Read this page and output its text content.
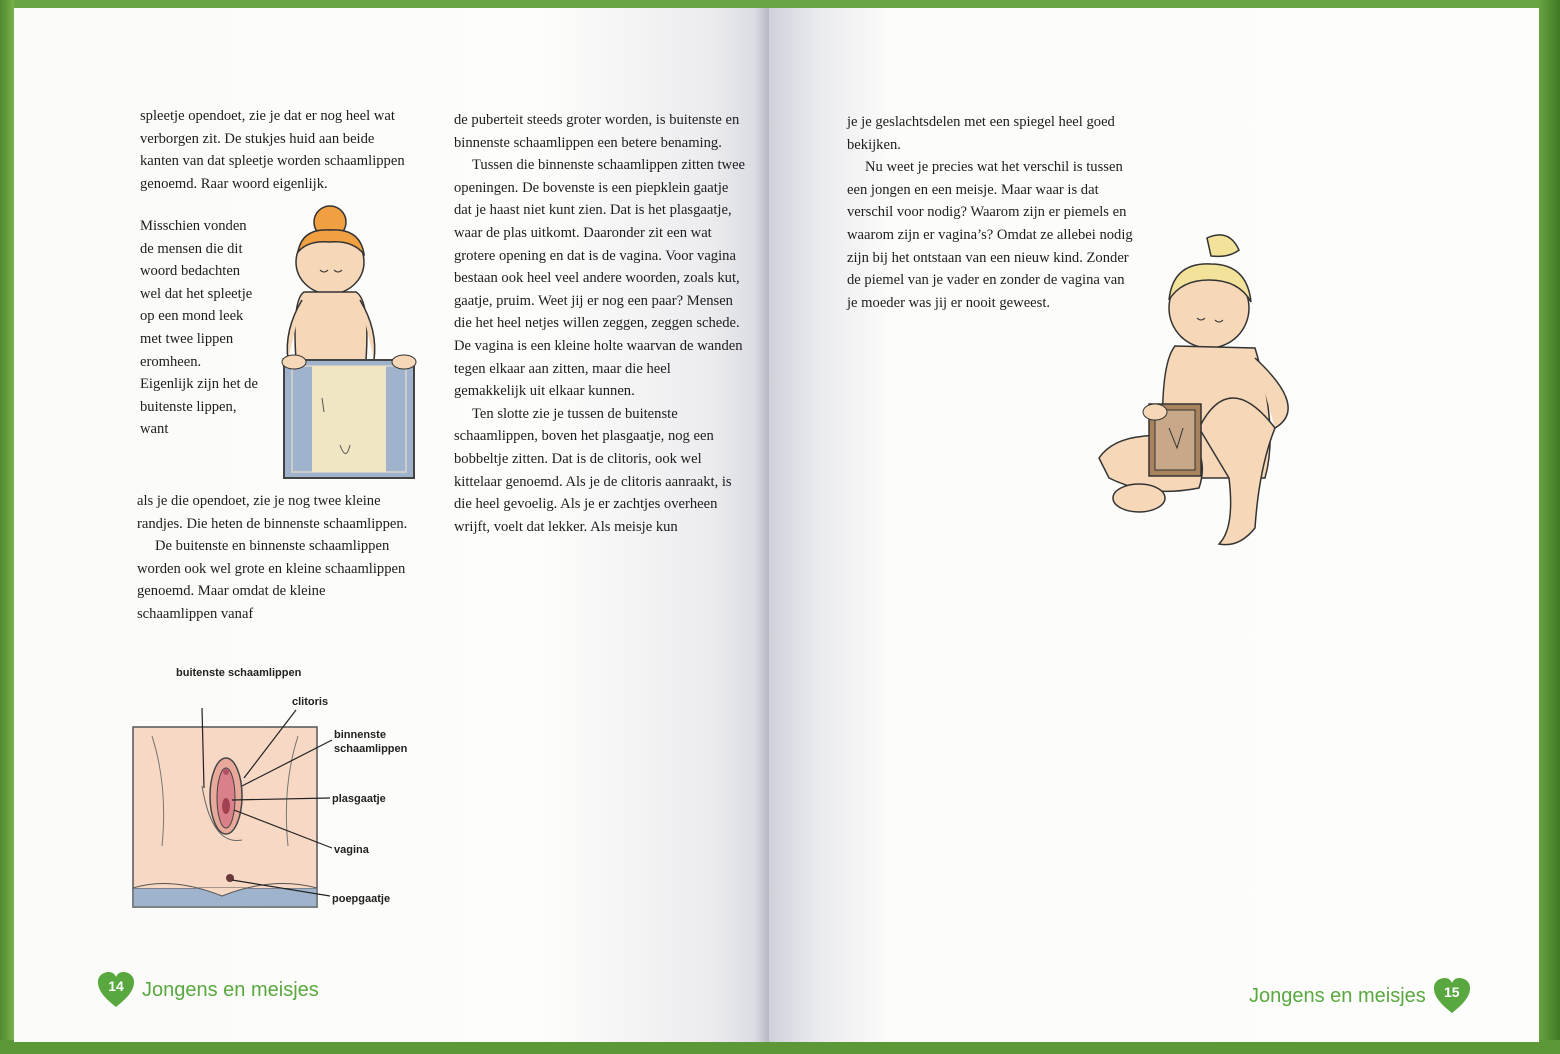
spleetje opendoet, zie je dat er nog heel wat verborgen zit. De stukjes huid aan beide kanten van dat spleetje worden schaamlippen genoemd. Raar woord eigenlijk.

Misschien vonden de mensen die dit woord bedachten wel dat het spleetje op een mond leek met twee lippen eromheen. Eigenlijk zijn het de buitenste lippen, want

als je die opendoet, zie je nog twee kleine randjes. Die heten de binnenste schaamlippen.

De buitenste en binnenste schaamlippen worden ook wel grote en kleine schaamlippen genoemd. Maar omdat de kleine schaamlippen vanaf

de puberteit steeds groter worden, is buitenste en binnenste schaamlippen een betere benaming.

Tussen die binnenste schaamlippen zitten twee openingen. De bovenste is een piepklein gaatje dat je haast niet kunt zien. Dat is het plasgaatje, waar de plas uitkomt. Daaronder zit een wat grotere opening en dat is de vagina. Voor vagina bestaan ook heel veel andere woorden, zoals kut, gaatje, pruim. Weet jij er nog een paar? Mensen die het heel netjes willen zeggen, zeggen schede. De vagina is een kleine holte waarvan de wanden tegen elkaar aan zitten, maar die heel gemakkelijk uit elkaar kunnen.

Ten slotte zie je tussen de buitenste schaamlippen, boven het plasgaatje, nog een bobbeltje zitten. Dat is de clitoris, ook wel kittelaar genoemd. Als je de clitoris aanraakt, is die heel gevoelig. Als je er zachtjes overheen wrijft, voelt dat lekker. Als meisje kun

buitenste schaamlippen
clitoris
binnenste schaamlippen
plasgaatje
vagina
poepgaatje
14 Jongens en meisjes

je je geslachtsdelen met een spiegel heel goed bekijken.

Nu weet je precies wat het verschil is tussen een jongen en een meisje. Maar waar is dat verschil voor nodig? Waarom zijn er piemels en waarom zijn er vagina’s? Omdat ze allebei nodig zijn bij het ontstaan van een nieuw kind. Zonder de piemel van je vader en zonder de vagina van je moeder was jij er nooit geweest.

Jongens en meisjes	15
